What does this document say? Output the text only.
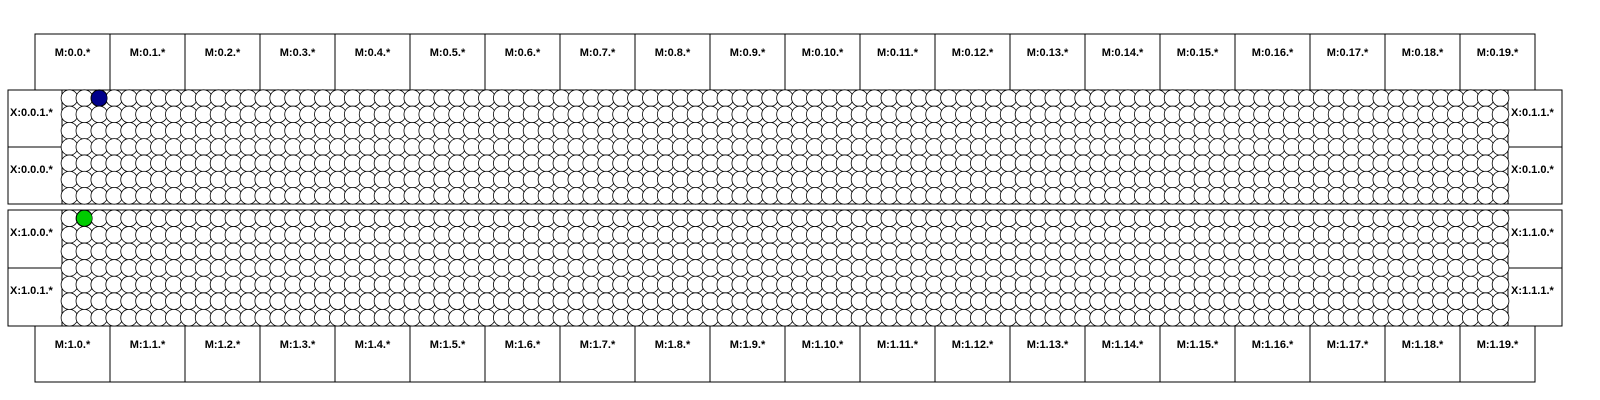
M:0.0.*	M:0.1.*	M:0.2.*	M:0.3.*	M:0.4.*	M:0.5.*	M:0.6.*	M:0.7.*	M:0.8.*	M:0.9.*	M:0.10.*	M:0.11.*	M:0.12.*	M:0.13.*	M:0.14.*	M:0.15.*	M:0.16.*	M:0.17.*	M:0.18.*	M:0.19.*
M:1.0.*	M:1.1.*	M:1.2.*	M:1.3.*	M:1.4.*	M:1.5.*	M:1.6.*	M:1.7.*	M:1.8.*	M:1.9.*	M:1.10.*	M:1.11.*	M:1.12.*	M:1.13.*	M:1.14.*	M:1.15.*	M:1.16.*	M:1.17.*	M:1.18.*	M:1.19.*
X:0.0.1.*	X:0.1.1.*
X:0.0.0.*	X:0.1.0.*
X:1.0.0.*	X:1.1.0.*
X:1.0.1.*	X:1.1.1.*
